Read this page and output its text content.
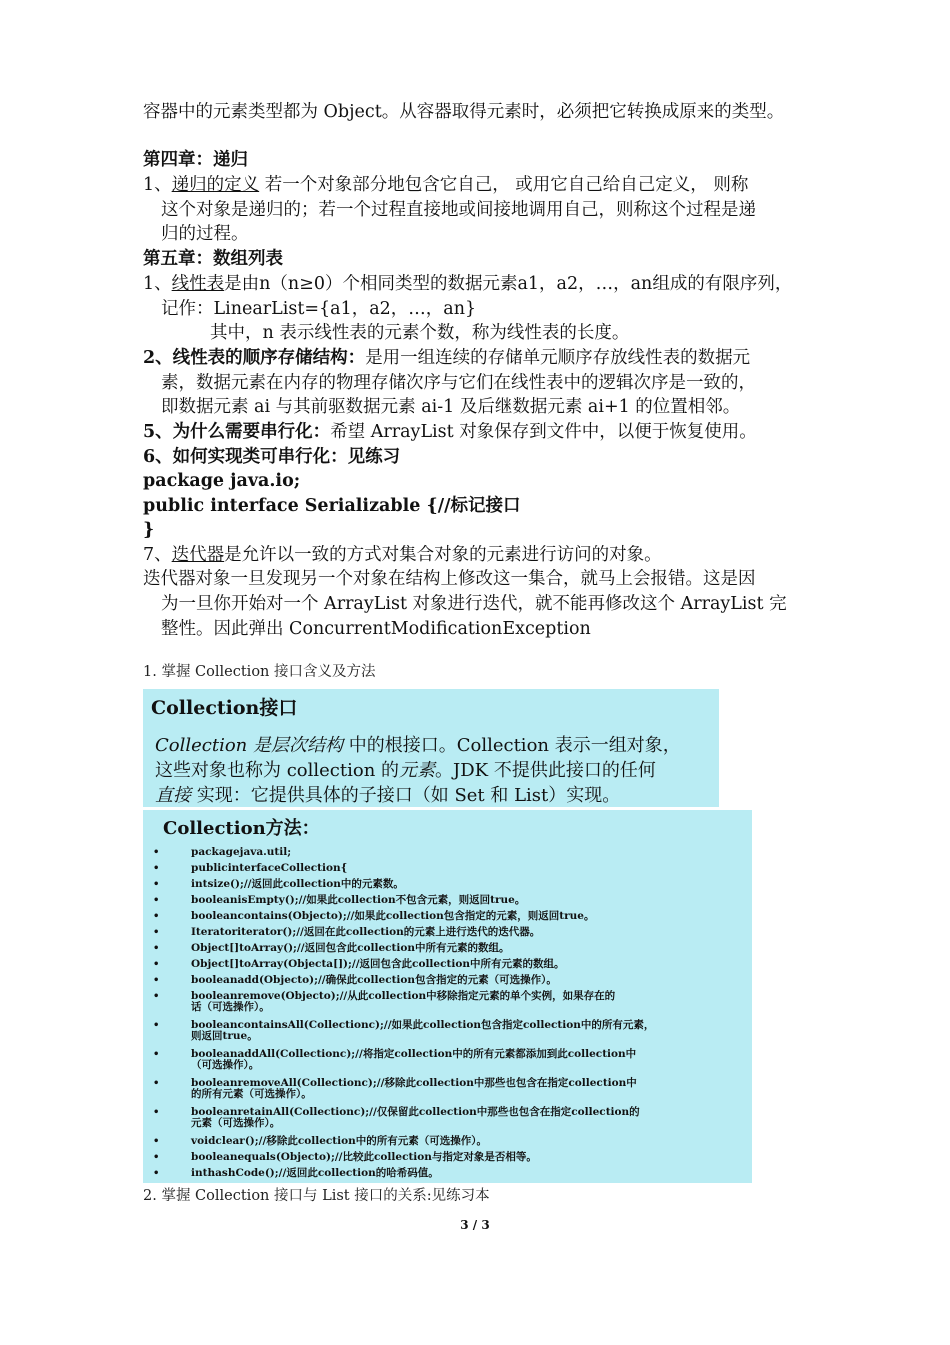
容器中的元素类型都为 Object。从容器取得元素时，必须把它转换成原来的类型。
第四章：递归
1、递归的定义 若一个对象部分地包含它自己， 或用它自己给自己定义， 则称
这个对象是递归的；若一个过程直接地或间接地调用自己，则称这个过程是递
归的过程。
第五章：数组列表
1、线性表是由n（n≥0）个相同类型的数据元素a1，a2，…，an组成的有限序列，
记作：LinearList={a1，a2，…，an}
其中，n 表示线性表的元素个数，称为线性表的长度。
2、线性表的顺序存储结构：是用一组连续的存储单元顺序存放线性表的数据元
素，数据元素在内存的物理存储次序与它们在线性表中的逻辑次序是一致的，
即数据元素 ai 与其前驱数据元素 ai-1 及后继数据元素 ai+1 的位置相邻。
5、为什么需要串行化：希望 ArrayList 对象保存到文件中，以便于恢复使用。
6、如何实现类可串行化：见练习
package java.io;
public interface Serializable {//标记接口
}
7、迭代器是允许以一致的方式对集合对象的元素进行访问的对象。
迭代器对象一旦发现另一个对象在结构上修改这一集合，就马上会报错。这是因
为一旦你开始对一个 ArrayList 对象进行迭代，就不能再修改这个 ArrayList 完
整性。因此弹出 ConcurrentModificationException
1. 掌握 Collection 接口含义及方法
Collection接口
Collection 是层次结构 中的根接口。Collection 表示一组对象，
这些对象也称为 collection 的元素。JDK 不提供此接口的任何
直接 实现：它提供具体的子接口（如 Set 和 List）实现。
Collection方法：
•	packagejava.util;
•	publicinterfaceCollection{
•	intsize();//返回此collection中的元素数。
•	booleanisEmpty();//如果此collection不包含元素，则返回true。
•	booleancontains(Objecto);//如果此collection包含指定的元素，则返回true。
•	Iteratoriterator();//返回在此collection的元素上进行迭代的迭代器。
•	Object[]toArray();//返回包含此collection中所有元素的数组。
•	Object[]toArray(Objecta[]);//返回包含此collection中所有元素的数组。
•	booleanadd(Objecto);//确保此collection包含指定的元素（可选操作）。
•	booleanremove(Objecto);//从此collection中移除指定元素的单个实例，如果存在的
话（可选操作）。
•	booleancontainsAll(Collectionc);//如果此collection包含指定collection中的所有元素，
则返回true。
•	booleanaddAll(Collectionc);//将指定collection中的所有元素都添加到此collection中
（可选操作）。
•	booleanremoveAll(Collectionc);//移除此collection中那些也包含在指定collection中
的所有元素（可选操作）。
•	booleanretainAll(Collectionc);//仅保留此collection中那些也包含在指定collection的
元素（可选操作）。
•	voidclear();//移除此collection中的所有元素（可选操作）。
•	booleanequals(Objecto);//比较此collection与指定对象是否相等。
•	inthashCode();//返回此collection的哈希码值。
2. 掌握 Collection 接口与 List 接口的关系:见练习本
3 / 3
